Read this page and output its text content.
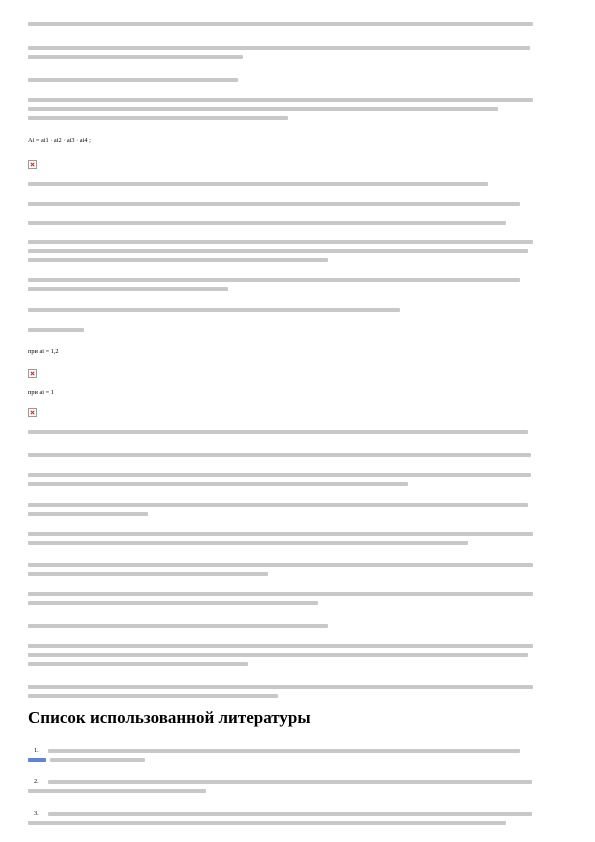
Ai = ai1 · ai2 · ai3 · ai4 ;
при ai = 1,2
при ai = 1
Список использованной литературы
1.
2.
3.
